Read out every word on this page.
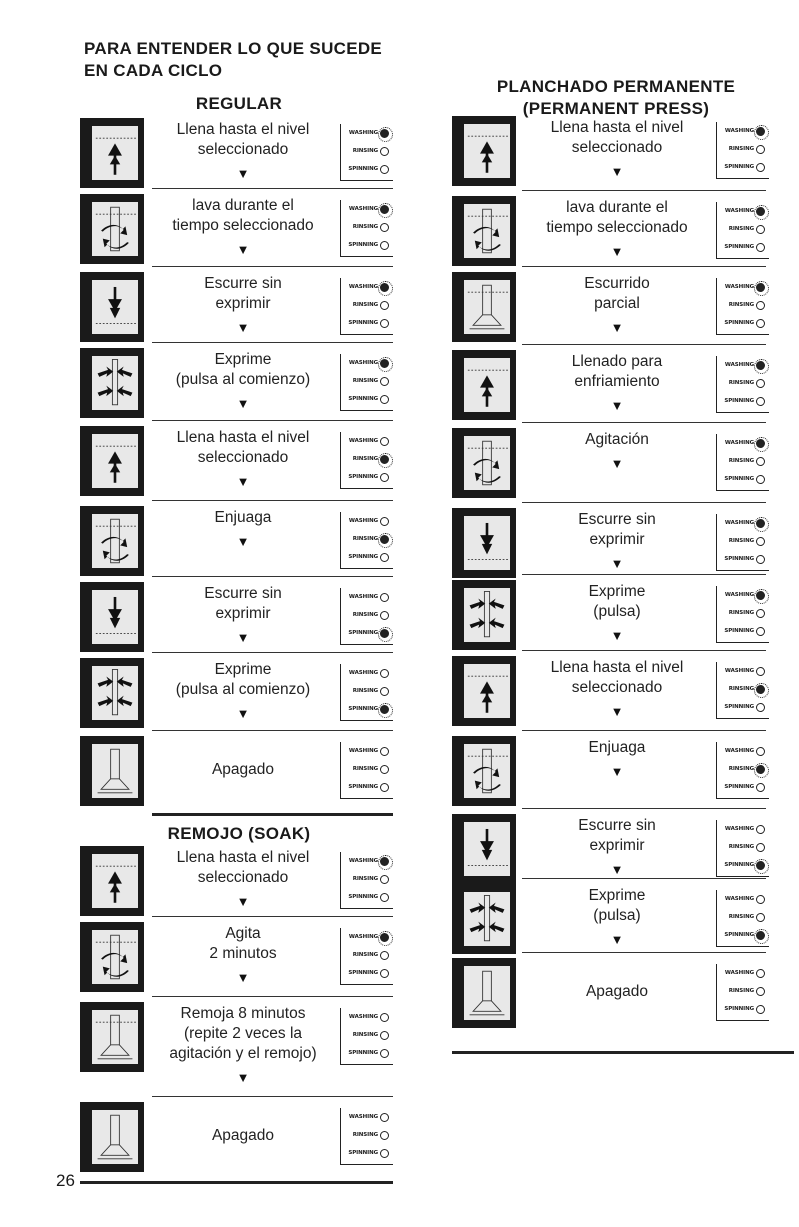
PARA ENTENDER LO QUE SUCEDE
EN CADA CICLO
REGULAR
REMOJO (SOAK)
PLANCHADO PERMANENTE
(PERMANENT PRESS)
Llena hasta el nivel
seleccionado
▼
WASHING
RINSING
SPINNING
lava durante el
tiempo seleccionado
▼
WASHING
RINSING
SPINNING
Escurre sin
exprimir
▼
WASHING
RINSING
SPINNING
Exprime
(pulsa al comienzo)
▼
WASHING
RINSING
SPINNING
Llena hasta el nivel
seleccionado
▼
WASHING
RINSING
SPINNING
Enjuaga
▼
WASHING
RINSING
SPINNING
Escurre sin
exprimir
▼
WASHING
RINSING
SPINNING
Exprime
(pulsa al comienzo)
▼
WASHING
RINSING
SPINNING
Apagado
WASHING
RINSING
SPINNING
Llena hasta el nivel
seleccionado
▼
WASHING
RINSING
SPINNING
Agita
2 minutos
▼
WASHING
RINSING
SPINNING
Remoja 8 minutos
(repite 2 veces la
agitación y el remojo)
▼
WASHING
RINSING
SPINNING
Apagado
WASHING
RINSING
SPINNING
Llena hasta el nivel
seleccionado
▼
WASHING
RINSING
SPINNING
lava durante el
tiempo seleccionado
▼
WASHING
RINSING
SPINNING
Escurrido
parcial
▼
WASHING
RINSING
SPINNING
Llenado para
enfriamiento
▼
WASHING
RINSING
SPINNING
Agitación
▼
WASHING
RINSING
SPINNING
Escurre sin
exprimir
▼
WASHING
RINSING
SPINNING
Exprime
(pulsa)
▼
WASHING
RINSING
SPINNING
Llena hasta el nivel
seleccionado
▼
WASHING
RINSING
SPINNING
Enjuaga
▼
WASHING
RINSING
SPINNING
Escurre sin
exprimir
▼
WASHING
RINSING
SPINNING
Exprime
(pulsa)
▼
WASHING
RINSING
SPINNING
Apagado
WASHING
RINSING
SPINNING
26
